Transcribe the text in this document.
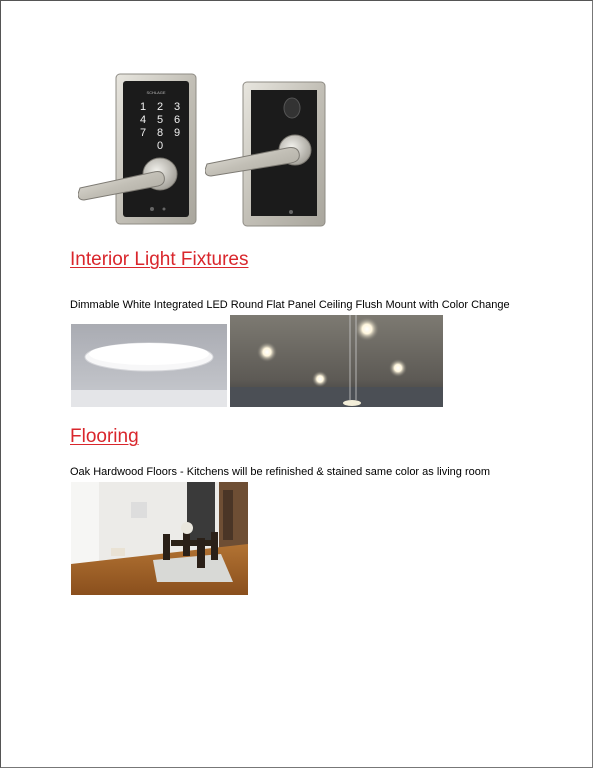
SCHLAGE
1 2 3
4 5 6
7 8 9
0
Interior Light Fixtures
Dimmable White Integrated LED Round Flat Panel Ceiling Flush Mount with Color Change
Flooring
Oak Hardwood Floors - Kitchens will be refinished & stained same color as living room
